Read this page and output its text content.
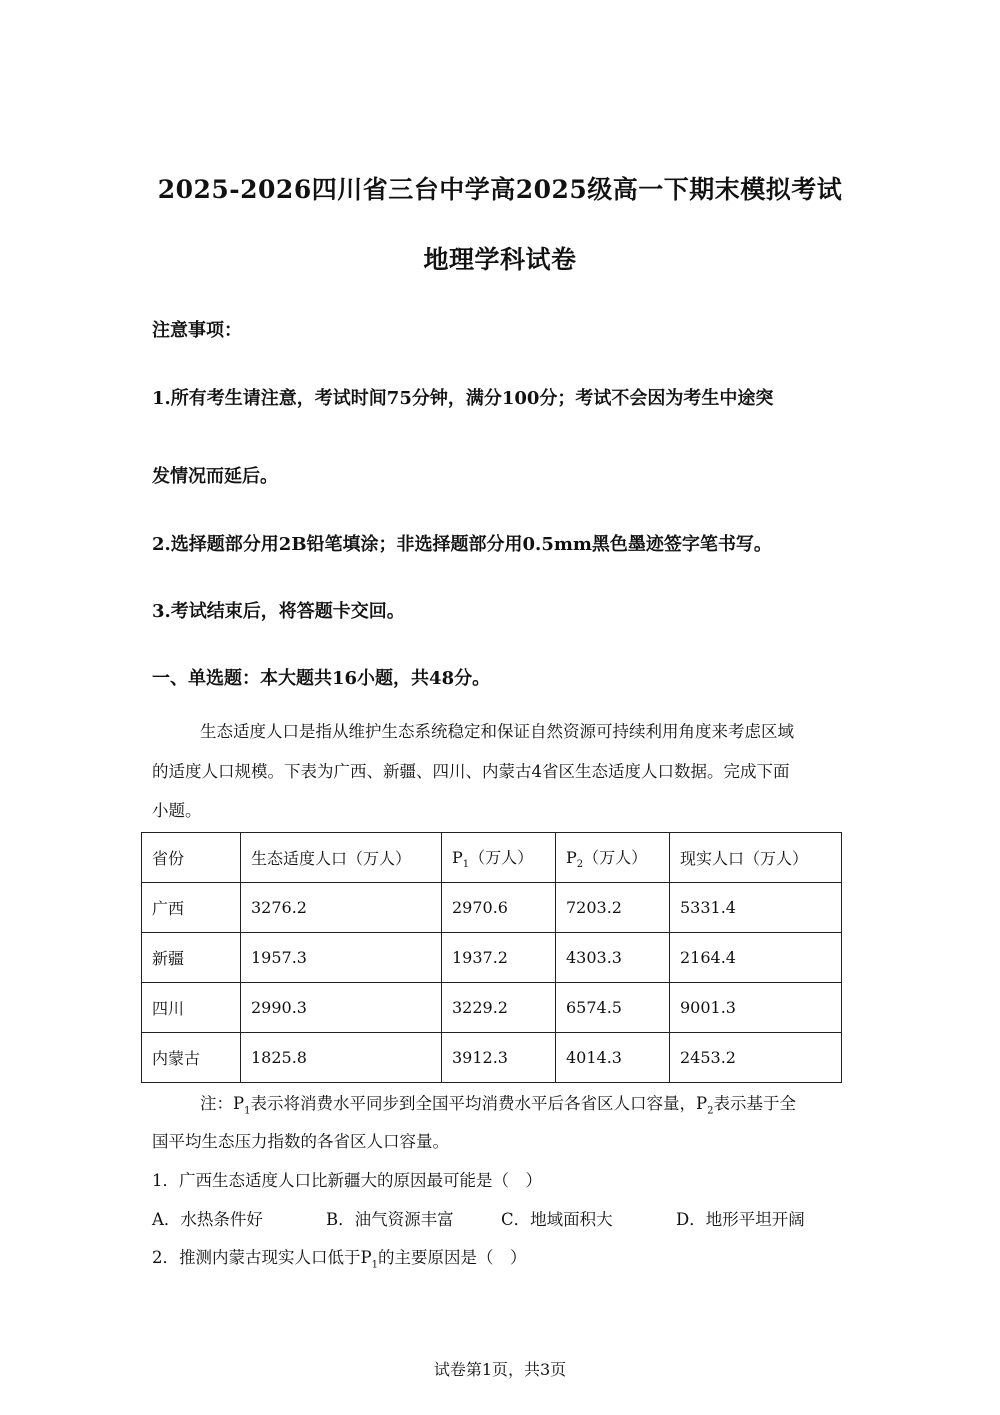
2025-2026四川省三台中学高2025级高一下期末模拟考试
地理学科试卷
注意事项：
1.所有考生请注意，考试时间75分钟，满分100分；考试不会因为考生中途突
发情况而延后。
2.选择题部分用2B铅笔填涂；非选择题部分用0.5mm黑色墨迹签字笔书写。
3.考试结束后，将答题卡交回。
一、单选题：本大题共16小题，共48分。
生态适度人口是指从维护生态系统稳定和保证自然资源可持续利用角度来考虑区域
的适度人口规模。下表为广西、新疆、四川、内蒙古4省区生态适度人口数据。完成下面
小题。
省份	生态适度人口（万人）	$P_1$（万人）	$P_2$（万人）	现实人口（万人）
广西	3276.2	2970.6	7203.2	5331.4
新疆	1957.3	1937.2	4303.3	2164.4
四川	2990.3	3229.2	6574.5	9001.3
内蒙古	1825.8	3912.3	4014.3	2453.2
注：$P_1$表示将消费水平同步到全国平均消费水平后各省区人口容量，$P_2$表示基于全
国平均生态压力指数的各省区人口容量。
1．广西生态适度人口比新疆大的原因最可能是（　）
A．水热条件好	B．油气资源丰富	C．地域面积大	D．地形平坦开阔
2．推测内蒙古现实人口低于$P_1$的主要原因是（　）
试卷第1页，共3页
